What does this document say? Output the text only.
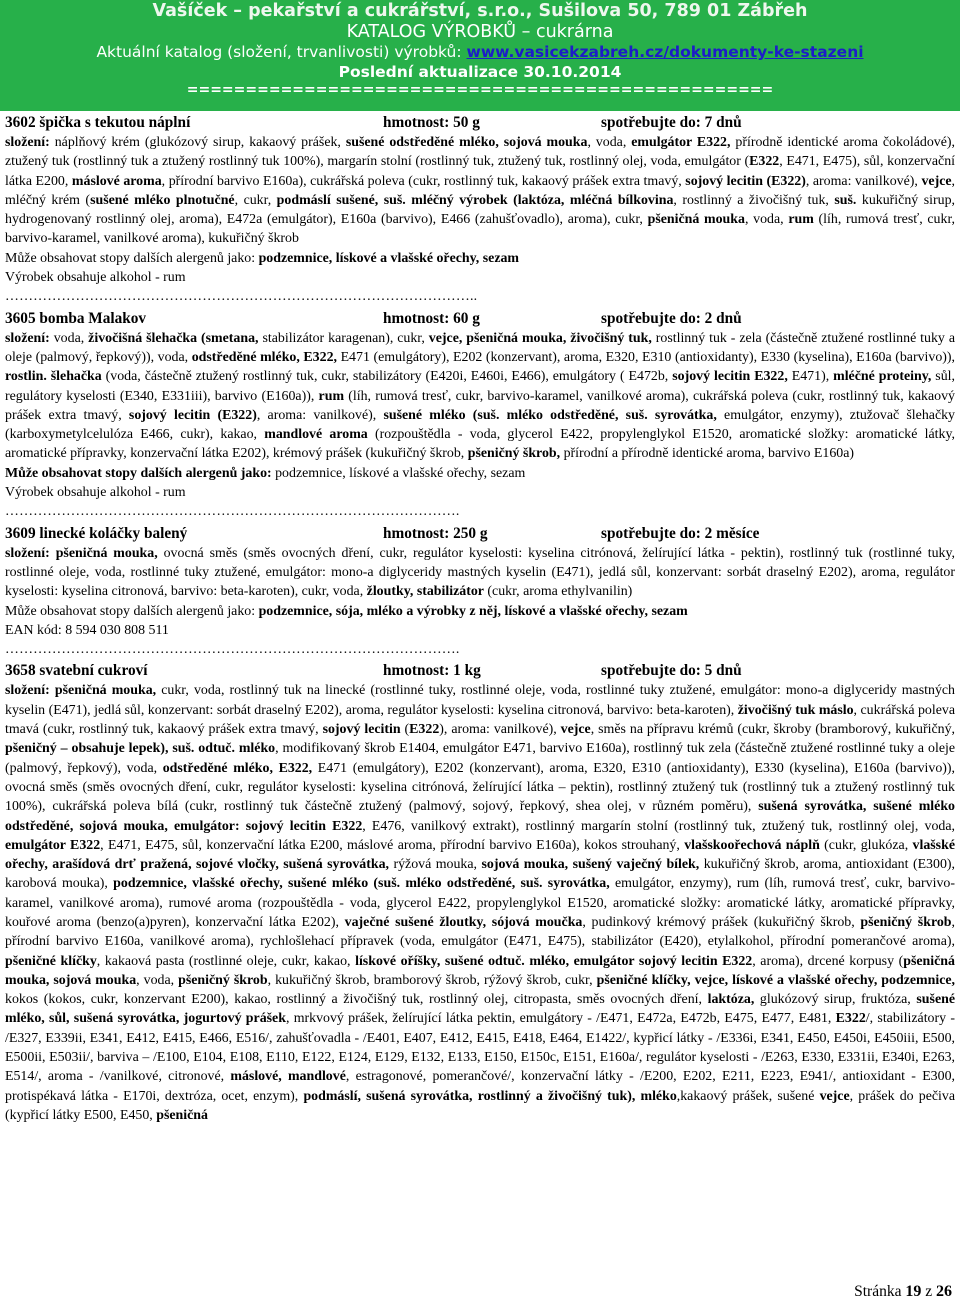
Vašíček – pekařství a cukrářství, s.r.o., Sušilova 50, 789 01 Zábřeh
KATALOG VÝROBKŮ – cukrárna
Aktuální katalog (složení, trvanlivosti) výrobků: www.vasicekzabreh.cz/dokumenty-ke-stazeni
Poslední aktualizace 30.10.2014
==================================================
3602 špička s tekutou náplní	hmotnost: 50 g	spotřebujte do: 7 dnů

složení: náplňový krém (glukózový sirup, kakaový prášek, sušené odstředěné mléko, sojová mouka, voda, emulgátor E322, přírodně identické aroma čokoládové), ztužený tuk (rostlinný tuk a ztužený rostlinný tuk 100%), margarín stolní (rostlinný tuk, ztužený tuk, rostlinný olej, voda, emulgátor (E322, E471, E475), sůl, konzervační látka E200, máslové aroma, přírodní barvivo E160a), cukrářská poleva (cukr, rostlinný tuk, kakaový prášek extra tmavý, sojový lecitin (E322), aroma: vanilkové), vejce, mléčný krém (sušené mléko plnotučné, cukr, podmáslí sušené, suš. mléčný výrobek (laktóza, mléčná bílkovina, rostlinný a živočišný tuk, suš. kukuřičný sirup, hydrogenovaný rostlinný olej, aroma), E472a (emulgátor), E160a (barvivo), E466 (zahušťovadlo), aroma), cukr, pšeničná mouka, voda, rum (líh, rumová tresť, cukr, barvivo-karamel, vanilkové aroma), kukuřičný škrob

Může obsahovat stopy dalších alergenů jako: podzemnice, lískové a vlašské ořechy, sezam

Výrobek obsahuje alkohol - rum

………………………………………………………………………………………..

3605 bomba Malakov	hmotnost: 60 g	spotřebujte do: 2 dnů

složení: voda, živočišná šlehačka (smetana, stabilizátor karagenan), cukr, vejce, pšeničná mouka, živočišný tuk, rostlinný tuk - zela (částečně ztužené rostlinné tuky a oleje (palmový, řepkový)), voda, odstředěné mléko, E322, E471 (emulgátory), E202 (konzervant), aroma, E320, E310 (antioxidanty), E330 (kyselina), E160a (barvivo)), rostlin. šlehačka (voda, částečně ztužený rostlinný tuk, cukr, stabilizátory (E420i, E460i, E466), emulgátory ( E472b, sojový lecitin E322, E471), mléčné proteiny, sůl, regulátory kyselosti (E340, E331iii), barvivo (E160a)), rum (líh, rumová tresť, cukr, barvivo-karamel, vanilkové aroma), cukrářská poleva (cukr, rostlinný tuk, kakaový prášek extra tmavý, sojový lecitin (E322), aroma: vanilkové), sušené mléko (suš. mléko odstředěné, suš. syrovátka, emulgátor, enzymy), ztužovač šlehačky (karboxymetylcelulóza E466, cukr), kakao, mandlové aroma (rozpouštědla - voda, glycerol E422, propylenglykol E1520, aromatické složky: aromatické látky, aromatické přípravky, konzervační látka E202), krémový prášek (kukuřičný škrob, pšeničný škrob, přírodní a přírodně identické aroma, barvivo E160a)

Může obsahovat stopy dalších alergenů jako: podzemnice, lískové a vlašské ořechy, sezam

Výrobek obsahuje alkohol - rum

…………………………………………………………………………………….

3609 linecké koláčky balený	hmotnost: 250 g	spotřebujte do: 2 měsíce

složení: pšeničná mouka, ovocná směs (směs ovocných dření, cukr, regulátor kyselosti: kyselina citrónová, želírující látka - pektin), rostlinný tuk (rostlinné tuky, rostlinné oleje, voda, rostlinné tuky ztužené, emulgátor: mono-a diglyceridy mastných kyselin (E471), jedlá sůl, konzervant: sorbát draselný E202), aroma, regulátor kyselosti: kyselina citronová, barvivo: beta-karoten), cukr, voda, žloutky, stabilizátor (cukr, aroma ethylvanilin)

Může obsahovat stopy dalších alergenů jako: podzemnice, sója, mléko a výrobky z něj, lískové a vlašské ořechy, sezam

EAN kód: 8 594 030 808 511

…………………………………………………………………………………….

3658 svatební cukroví	hmotnost: 1 kg	spotřebujte do: 5 dnů

složení: pšeničná mouka, cukr, voda, rostlinný tuk na linecké (rostlinné tuky, rostlinné oleje, voda, rostlinné tuky ztužené, emulgátor: mono-a diglyceridy mastných kyselin (E471), jedlá sůl, konzervant: sorbát draselný E202), aroma, regulátor kyselosti: kyselina citronová, barvivo: beta-karoten), živočišný tuk máslo, cukrářská poleva tmavá (cukr, rostlinný tuk, kakaový prášek extra tmavý, sojový lecitin (E322), aroma: vanilkové), vejce, směs na přípravu krémů (cukr, škroby (bramborový, kukuřičný, pšeničný – obsahuje lepek), suš. odtuč. mléko, modifikovaný škrob E1404, emulgátor E471, barvivo E160a), rostlinný tuk zela (částečně ztužené rostlinné tuky a oleje (palmový, řepkový), voda, odstředěné mléko, E322, E471 (emulgátory), E202 (konzervant), aroma, E320, E310 (antioxidanty), E330 (kyselina), E160a (barvivo)), ovocná směs (směs ovocných dření, cukr, regulátor kyselosti: kyselina citrónová, želírující látka – pektin), rostlinný ztužený tuk (rostlinný tuk a ztužený rostlinný tuk 100%), cukrářská poleva bílá (cukr, rostlinný tuk částečně ztužený (palmový, sojový, řepkový, shea olej, v různém poměru), sušená syrovátka, sušené mléko odstředěné, sojová mouka, emulgátor: sojový lecitin E322, E476, vanilkový extrakt), rostlinný margarín stolní (rostlinný tuk, ztužený tuk, rostlinný olej, voda, emulgátor E322, E471, E475, sůl, konzervační látka E200, máslové aroma, přírodní barvivo E160a), kokos strouhaný, vlašskoořechová náplň (cukr, glukóza, vlašské ořechy, arašídová drť pražená, sojové vločky, sušená syrovátka, rýžová mouka, sojová mouka, sušený vaječný bílek, kukuřičný škrob, aroma, antioxidant (E300), karobová mouka), podzemnice, vlašské ořechy, sušené mléko (suš. mléko odstředěné, suš. syrovátka, emulgátor, enzymy), rum (líh, rumová tresť, cukr, barvivo-karamel, vanilkové aroma), rumové aroma (rozpouštědla - voda, glycerol E422, propylenglykol E1520, aromatické složky: aromatické látky, aromatické přípravky, kouřové aroma (benzo(a)pyren), konzervační látka E202), vaječné sušené žloutky, sójová moučka, pudinkový krémový prášek (kukuřičný škrob, pšeničný škrob, přírodní barvivo E160a, vanilkové aroma), rychlošlehací přípravek (voda, emulgátor (E471, E475), stabilizátor (E420), etylalkohol, přírodní pomerančové aroma), pšeničné klíčky, kakaová pasta (rostlinné oleje, cukr, kakao, lískové oříšky, sušené odtuč. mléko, emulgátor sojový lecitin E322, aroma), drcené korpusy (pšeničná mouka, sojová mouka, voda, pšeničný škrob, kukuřičný škrob, bramborový škrob, rýžový škrob, cukr, pšeničné klíčky, vejce, lískové a vlašské ořechy, podzemnice, kokos (kokos, cukr, konzervant E200), kakao, rostlinný a živočišný tuk, rostlinný olej, citropasta, směs ovocných dření, laktóza, glukózový sirup, fruktóza, sušené mléko, sůl, sušená syrovátka, jogurtový prášek, mrkvový prášek, želírující látka pektin, emulgátory - /E471, E472a, E472b, E475, E477, E481, E322/, stabilizátory - /E327, E339ii, E341, E412, E415, E466, E516/, zahušťovadla - /E401, E407, E412, E415, E418, E464, E1422/, kypřicí látky - /E336i, E341, E450, E450i, E450iii, E500, E500ii, E503ii/, barviva – /E100, E104, E108, E110, E122, E124, E129, E132, E133, E150, E150c, E151, E160a/, regulátor kyselosti - /E263, E330, E331ii, E340i, E263, E514/, aroma - /vanilkové, citronové, máslové, mandlové, estragonové, pomerančové/, konzervační látky - /E200, E202, E211, E223, E941/, antioxidant - E300, protispékavá látka - E170i, dextróza, ocet, enzym), podmáslí, sušená syrovátka, rostlinný a živočišný tuk), mléko,kakaový prášek, sušené vejce, prášek do pečiva (kypřicí látky E500, E450, pšeničná

Stránka 19 z 26
